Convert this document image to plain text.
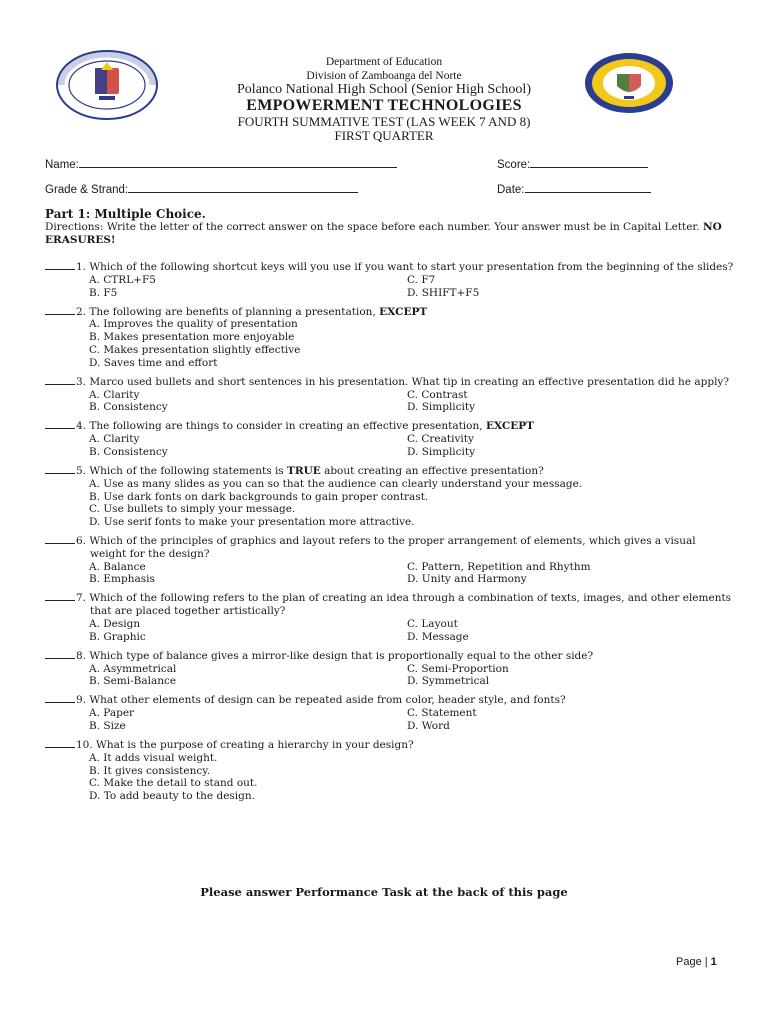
Department of Education
Division of Zamboanga del Norte
Polanco National High School (Senior High School)
EMPOWERMENT TECHNOLOGIES
FOURTH SUMMATIVE TEST (LAS WEEK 7 AND 8)
FIRST QUARTER
Name:	Score:
Grade & Strand:	Date:
Part 1: Multiple Choice.
Directions: Write the letter of the correct answer on the space before each number. Your answer must be in Capital Letter. NO ERASURES!
1. Which of the following shortcut keys will you use if you want to start your presentation from the beginning of the slides?
A. CTRL+F5	C. F7
B. F5	D. SHIFT+F5
2. The following are benefits of planning a presentation, EXCEPT
A. Improves the quality of presentation
B. Makes presentation more enjoyable
C. Makes presentation slightly effective
D. Saves time and effort
3. Marco used bullets and short sentences in his presentation. What tip in creating an effective presentation did he apply?
A. Clarity	C. Contrast
B. Consistency	D. Simplicity
4. The following are things to consider in creating an effective presentation, EXCEPT
A. Clarity	C. Creativity
B. Consistency	D. Simplicity
5. Which of the following statements is TRUE about creating an effective presentation?
A. Use as many slides as you can so that the audience can clearly understand your message.
B. Use dark fonts on dark backgrounds to gain proper contrast.
C. Use bullets to simply your message.
D. Use serif fonts to make your presentation more attractive.
6. Which of the principles of graphics and layout refers to the proper arrangement of elements, which gives a visual weight for the design?
A. Balance	C. Pattern, Repetition and Rhythm
B. Emphasis	D. Unity and Harmony
7. Which of the following refers to the plan of creating an idea through a combination of texts, images, and other elements that are placed together artistically?
A. Design	C. Layout
B. Graphic	D. Message
8. Which type of balance gives a mirror-like design that is proportionally equal to the other side?
A. Asymmetrical	C. Semi-Proportion
B. Semi-Balance	D. Symmetrical
9. What other elements of design can be repeated aside from color, header style, and fonts?
A. Paper	C. Statement
B. Size	D. Word
10. What is the purpose of creating a hierarchy in your design?
A. It adds visual weight.
B. It gives consistency.
C. Make the detail to stand out.
D. To add beauty to the design.
Please answer Performance Task at the back of this page
Page | 1
